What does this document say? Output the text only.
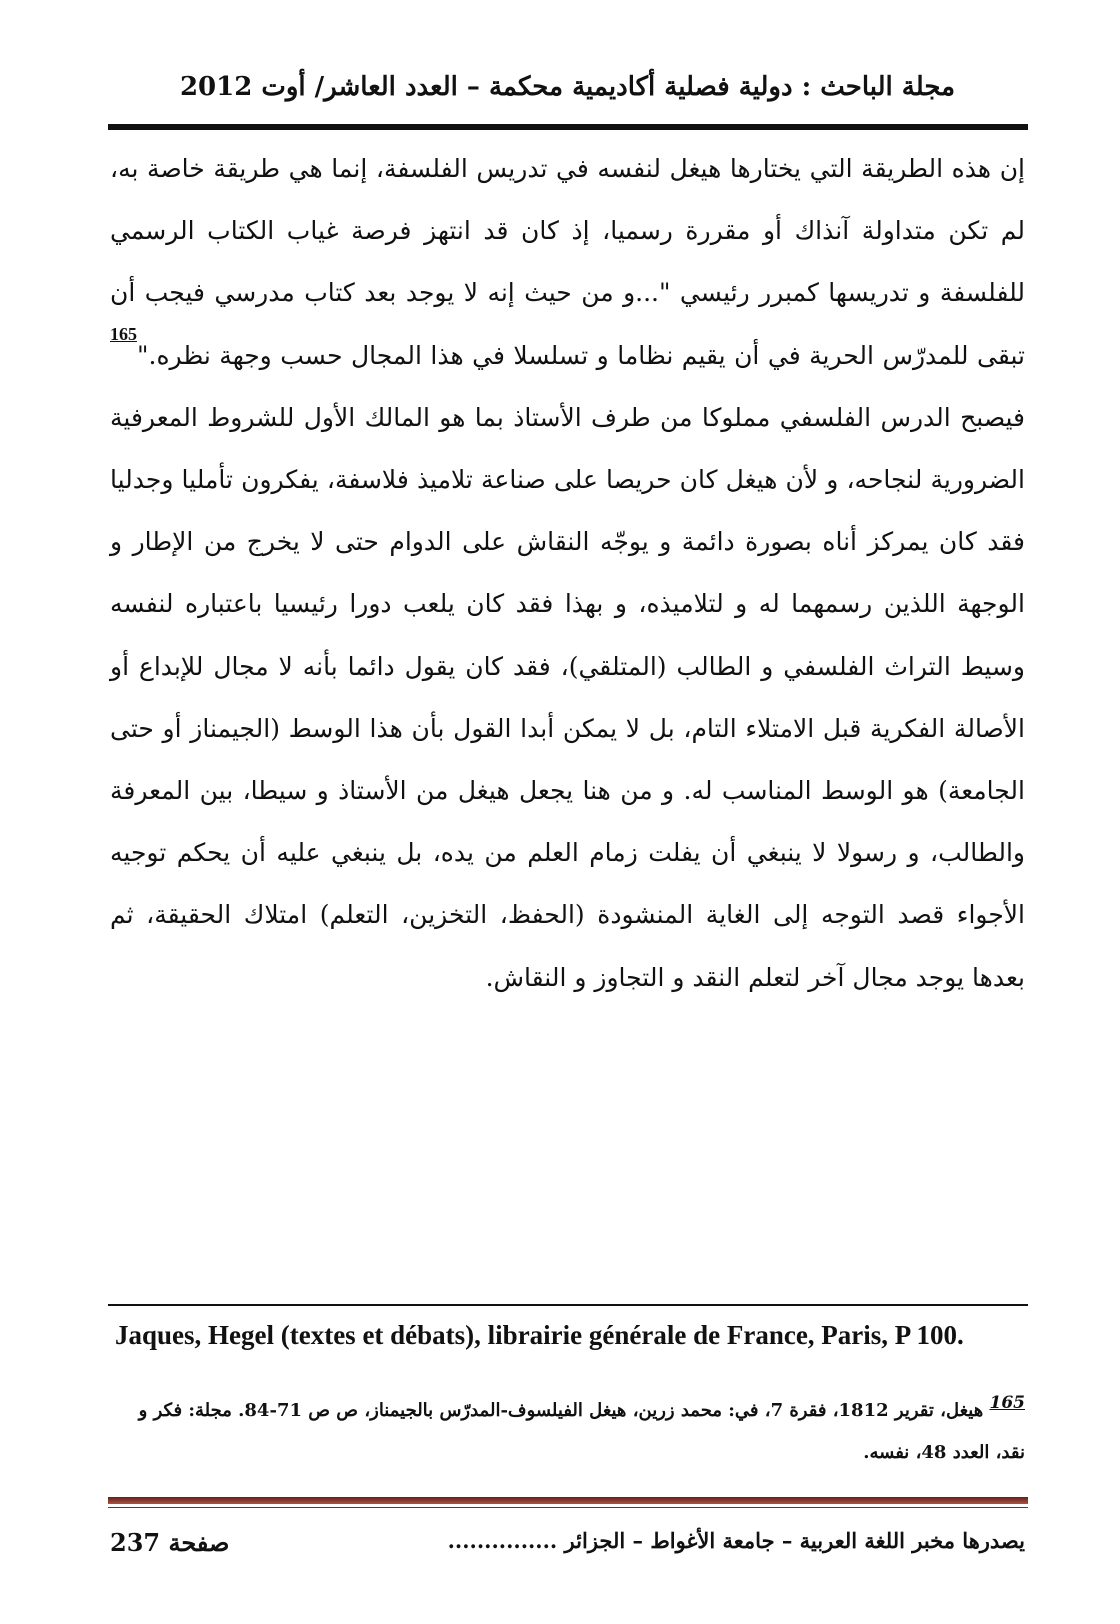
مجلة الباحث : دولية فصلية أكاديمية محكمة – العدد العاشر/ أوت 2012
إن هذه الطريقة التي يختارها هيغل لنفسه في تدريس الفلسفة، إنما هي طريقة خاصة به، لم تكن متداولة آنذاك أو مقررة رسميا، إذ كان قد انتهز فرصة غياب الكتاب الرسمي للفلسفة و تدريسها كمبرر رئيسي "...و من حيث إنه لا يوجد بعد كتاب مدرسي فيجب أن تبقى للمدرّس الحرية في أن يقيم نظاما و تسلسلا في هذا المجال حسب وجهة نظره."$^{165}$ فيصبح الدرس الفلسفي مملوكا من طرف الأستاذ بما هو المالك الأول للشروط المعرفية الضرورية لنجاحه، و لأن هيغل كان حريصا على صناعة تلاميذ فلاسفة، يفكرون تأمليا وجدليا فقد كان يمركز أناه بصورة دائمة و يوجّه النقاش على الدوام حتى لا يخرج من الإطار و الوجهة اللذين رسمهما له و لتلاميذه، و بهذا فقد كان يلعب دورا رئيسيا باعتباره لنفسه وسيط التراث الفلسفي و الطالب (المتلقي)، فقد كان يقول دائما بأنه لا مجال للإبداع أو الأصالة الفكرية قبل الامتلاء التام، بل لا يمكن أبدا القول بأن هذا الوسط (الجيمناز أو حتى الجامعة) هو الوسط المناسب له. و من هنا يجعل هيغل من الأستاذ و سيطا، بين المعرفة والطالب، و رسولا لا ينبغي أن يفلت زمام العلم من يده، بل ينبغي عليه أن يحكم توجيه الأجواء قصد التوجه إلى الغاية المنشودة (الحفظ، التخزين، التعلم) امتلاك الحقيقة، ثم بعدها يوجد مجال آخر لتعلم النقد و التجاوز و النقاش.
Jaques, Hegel (textes et débats), librairie générale de France, Paris, P 100.
165 هيغل، تقرير 1812، فقرة 7، في: محمد زرين، هيغل الفيلسوف-المدرّس بالجيمناز، ص ص 71-84. مجلة: فكر و نقد، العدد 48، نفسه.
يصدرها مخبر اللغة العربية – جامعة الأغواط – الجزائر ...............
صفحة 237
